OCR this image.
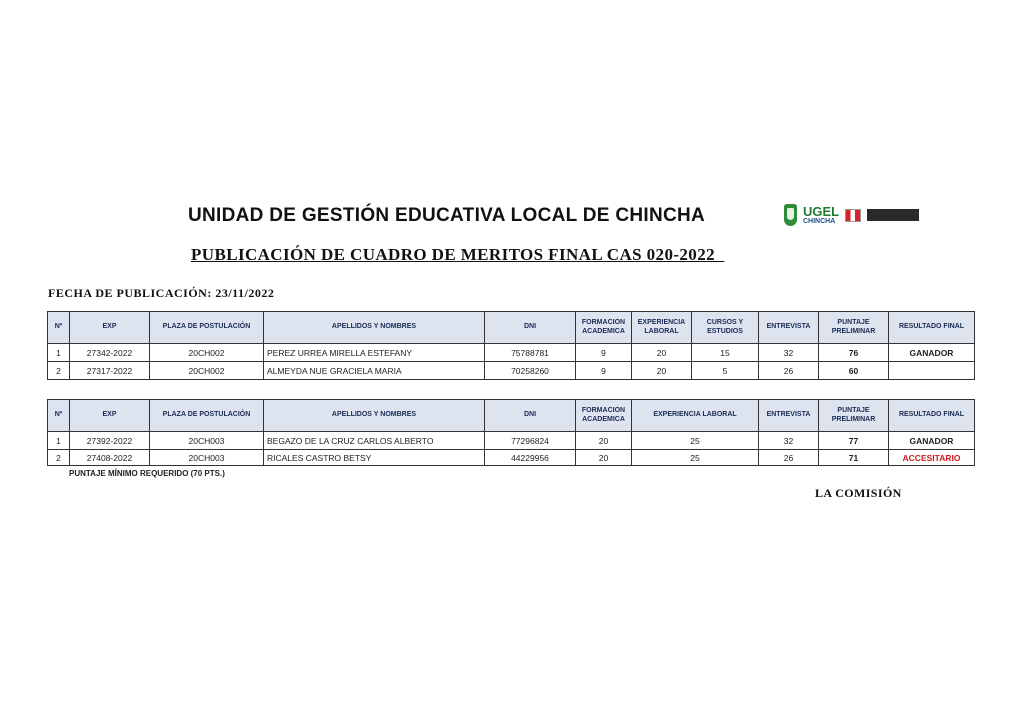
UNIDAD DE GESTIÓN EDUCATIVA LOCAL DE CHINCHA	UGEL
CHINCHA
PUBLICACIÓN DE CUADRO DE MERITOS FINAL CAS 020-2022
FECHA DE PUBLICACIÓN: 23/11/2022
Nº	EXP	PLAZA DE POSTULACIÓN	APELLIDOS Y NOMBRES	DNI	FORMACION ACADEMICA	EXPERIENCIA LABORAL	CURSOS Y ESTUDIOS	ENTREVISTA	PUNTAJE PRELIMINAR	RESULTADO FINAL
1	27342-2022	20CH002	PEREZ URREA MIRELLA ESTEFANY	75788781	9	20	15	32	76	GANADOR
2	27317-2022	20CH002	ALMEYDA NUE GRACIELA MARIA	70258260	9	20	5	26	60	
Nº	EXP	PLAZA DE POSTULACIÓN	APELLIDOS Y NOMBRES	DNI	FORMACION ACADEMICA	EXPERIENCIA LABORAL	ENTREVISTA	PUNTAJE PRELIMINAR	RESULTADO FINAL
1	27392-2022	20CH003	BEGAZO DE LA CRUZ CARLOS ALBERTO	77296824	20	25	32	77	GANADOR
2	27408-2022	20CH003	RICALES CASTRO BETSY	44229956	20	25	26	71	ACCESITARIO
PUNTAJE MÍNIMO REQUERIDO (70 PTS.)
LA COMISIÓN
